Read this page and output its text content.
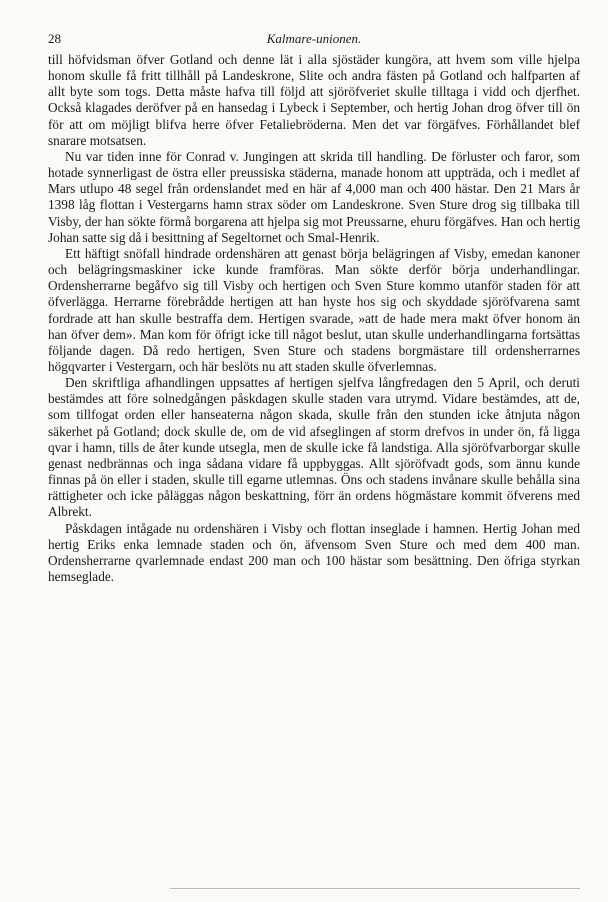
28	Kalmare-unionen.

till höfvidsman öfver Gotland och denne lät i alla sjöstäder kungöra, att hvem som ville hjelpa honom skulle få fritt tillhåll på Landeskrone, Slite och andra fästen på Gotland och halfparten af allt byte som togs. Detta måste hafva till följd att sjöröfveriet skulle tilltaga i vidd och djerfhet. Också klagades deröfver på en hansedag i Lybeck i September, och hertig Johan drog öfver till ön för att om möjligt blifva herre öfver Fetaliebröderna. Men det var förgäfves. Förhållandet blef snarare motsatsen.

Nu var tiden inne för Conrad v. Jungingen att skrida till handling. De förluster och faror, som hotade synnerligast de östra eller preussiska städerna, manade honom att uppträda, och i medlet af Mars utlupo 48 segel från ordenslandet med en här af 4,000 man och 400 hästar. Den 21 Mars år 1398 låg flottan i Vestergarns hamn strax söder om Landeskrone. Sven Sture drog sig tillbaka till Visby, der han sökte förmå borgarena att hjelpa sig mot Preussarne, ehuru förgäfves. Han och hertig Johan satte sig då i besittning af Segeltornet och Smal-Henrik.

Ett häftigt snöfall hindrade ordenshären att genast börja belägringen af Visby, emedan kanoner och belägringsmaskiner icke kunde framföras. Man sökte derför börja underhandlingar. Ordensherrarne begåfvo sig till Visby och hertigen och Sven Sture kommo utanför staden för att öfverlägga. Herrarne förebrådde hertigen att han hyste hos sig och skyddade sjöröfvarena samt fordrade att han skulle bestraffa dem. Hertigen svarade, »att de hade mera makt öfver honom än han öfver dem». Man kom för öfrigt icke till något beslut, utan skulle underhandlingarna fortsättas följande dagen. Då redo hertigen, Sven Sture och stadens borgmästare till ordensherrarnes högqvarter i Vestergarn, och här beslöts nu att staden skulle öfverlemnas.

Den skriftliga afhandlingen uppsattes af hertigen sjelfva långfredagen den 5 April, och deruti bestämdes att före solnedgången påskdagen skulle staden vara utrymd. Vidare bestämdes, att de, som tillfogat orden eller hanseaterna någon skada, skulle från den stunden icke åtnjuta någon säkerhet på Gotland; dock skulle de, om de vid afseglingen af storm drefvos in under ön, få ligga qvar i hamn, tills de åter kunde utsegla, men de skulle icke få landstiga. Alla sjöröfvarborgar skulle genast nedbrännas och inga sådana vidare få uppbyggas. Allt sjöröfvadt gods, som ännu kunde finnas på ön eller i staden, skulle till egarne utlemnas. Öns och stadens invånare skulle behålla sina rättigheter och icke påläggas någon beskattning, förr än ordens högmästare kommit öfverens med Albrekt.

Påskdagen intågade nu ordenshären i Visby och flottan inseglade i hamnen. Hertig Johan med hertig Eriks enka lemnade staden och ön, äfvensom Sven Sture och med dem 400 man. Ordensherrarne qvarlemnade endast 200 man och 100 hästar som besättning. Den öfriga styrkan hemseglade.
